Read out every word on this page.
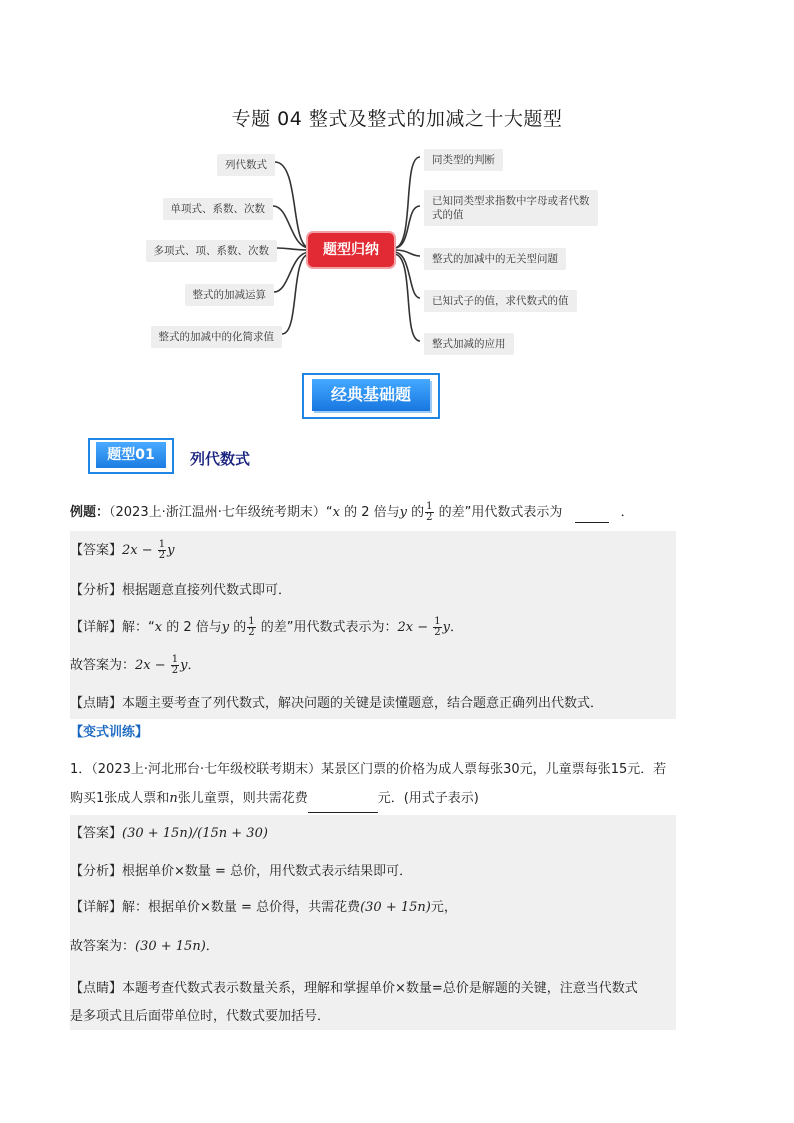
专题 04 整式及整式的加减之十大题型
列代数式
单项式、系数、次数
多项式、项、系数、次数
整式的加减运算
整式的加减中的化简求值
题型归纳
同类型的判断
已知同类型求指数中字母或者代数式的值
整式的加减中的无关型问题
已知式子的值，求代数式的值
整式加减的应用
经典基础题
题型01	列代数式
例题：（2023上·浙江温州·七年级统考期末）“x 的 2 倍与y 的 $\frac{1}{2}$ 的差”用代数式表示为	．
【答案】$2x - \frac{1}{2}$ y
【分析】根据题意直接列代数式即可．
【详解】解：“x 的 2 倍与y 的 $\frac{1}{2}$ 的差”用代数式表示为：$2x - \frac{1}{2}$ y．
故答案为：$2x - \frac{1}{2}$ y．
【点睛】本题主要考查了列代数式，解决问题的关键是读懂题意，结合题意正确列出代数式．
【变式训练】
1．（2023上·河北邢台·七年级校联考期末）某景区门票的价格为成人票每张30元，儿童票每张15元．若购买1张成人票和n张儿童票，则共需花费	元．(用式子表示)
【答案】(30 + 15n)/(15n + 30)
【分析】根据单价×数量 = 总价，用代数式表示结果即可．
【详解】解：根据单价×数量 = 总价得，共需花费(30 + 15n)元，
故答案为：(30 + 15n)．
【点睛】本题考查代数式表示数量关系，理解和掌握单价×数量=总价是解题的关键，注意当代数式
是多项式且后面带单位时，代数式要加括号．
